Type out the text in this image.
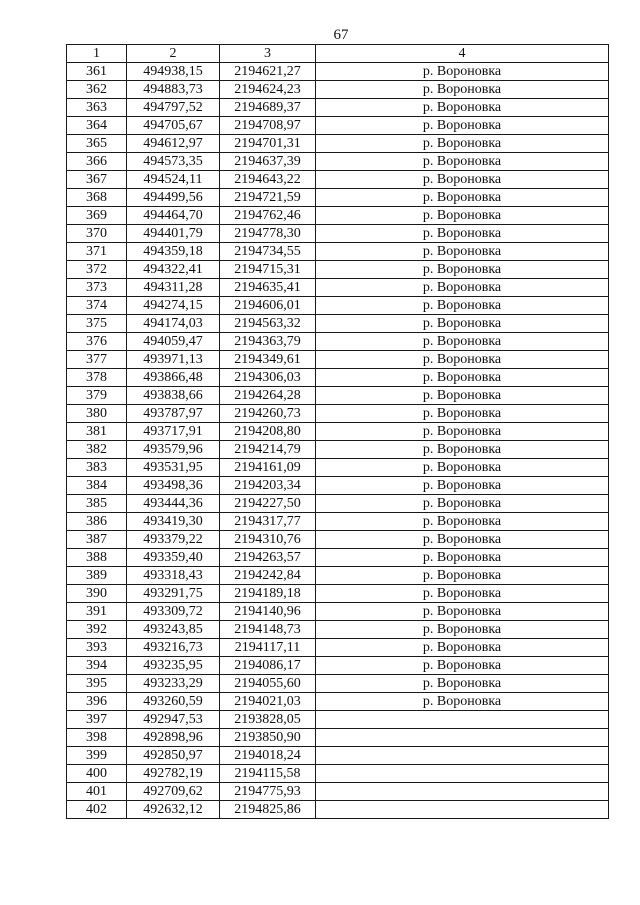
67
1	2	3	4
361	494938,15	2194621,27	р. Вороновка
362	494883,73	2194624,23	р. Вороновка
363	494797,52	2194689,37	р. Вороновка
364	494705,67	2194708,97	р. Вороновка
365	494612,97	2194701,31	р. Вороновка
366	494573,35	2194637,39	р. Вороновка
367	494524,11	2194643,22	р. Вороновка
368	494499,56	2194721,59	р. Вороновка
369	494464,70	2194762,46	р. Вороновка
370	494401,79	2194778,30	р. Вороновка
371	494359,18	2194734,55	р. Вороновка
372	494322,41	2194715,31	р. Вороновка
373	494311,28	2194635,41	р. Вороновка
374	494274,15	2194606,01	р. Вороновка
375	494174,03	2194563,32	р. Вороновка
376	494059,47	2194363,79	р. Вороновка
377	493971,13	2194349,61	р. Вороновка
378	493866,48	2194306,03	р. Вороновка
379	493838,66	2194264,28	р. Вороновка
380	493787,97	2194260,73	р. Вороновка
381	493717,91	2194208,80	р. Вороновка
382	493579,96	2194214,79	р. Вороновка
383	493531,95	2194161,09	р. Вороновка
384	493498,36	2194203,34	р. Вороновка
385	493444,36	2194227,50	р. Вороновка
386	493419,30	2194317,77	р. Вороновка
387	493379,22	2194310,76	р. Вороновка
388	493359,40	2194263,57	р. Вороновка
389	493318,43	2194242,84	р. Вороновка
390	493291,75	2194189,18	р. Вороновка
391	493309,72	2194140,96	р. Вороновка
392	493243,85	2194148,73	р. Вороновка
393	493216,73	2194117,11	р. Вороновка
394	493235,95	2194086,17	р. Вороновка
395	493233,29	2194055,60	р. Вороновка
396	493260,59	2194021,03	р. Вороновка
397	492947,53	2193828,05	
398	492898,96	2193850,90	
399	492850,97	2194018,24	
400	492782,19	2194115,58	
401	492709,62	2194775,93	
402	492632,12	2194825,86	
